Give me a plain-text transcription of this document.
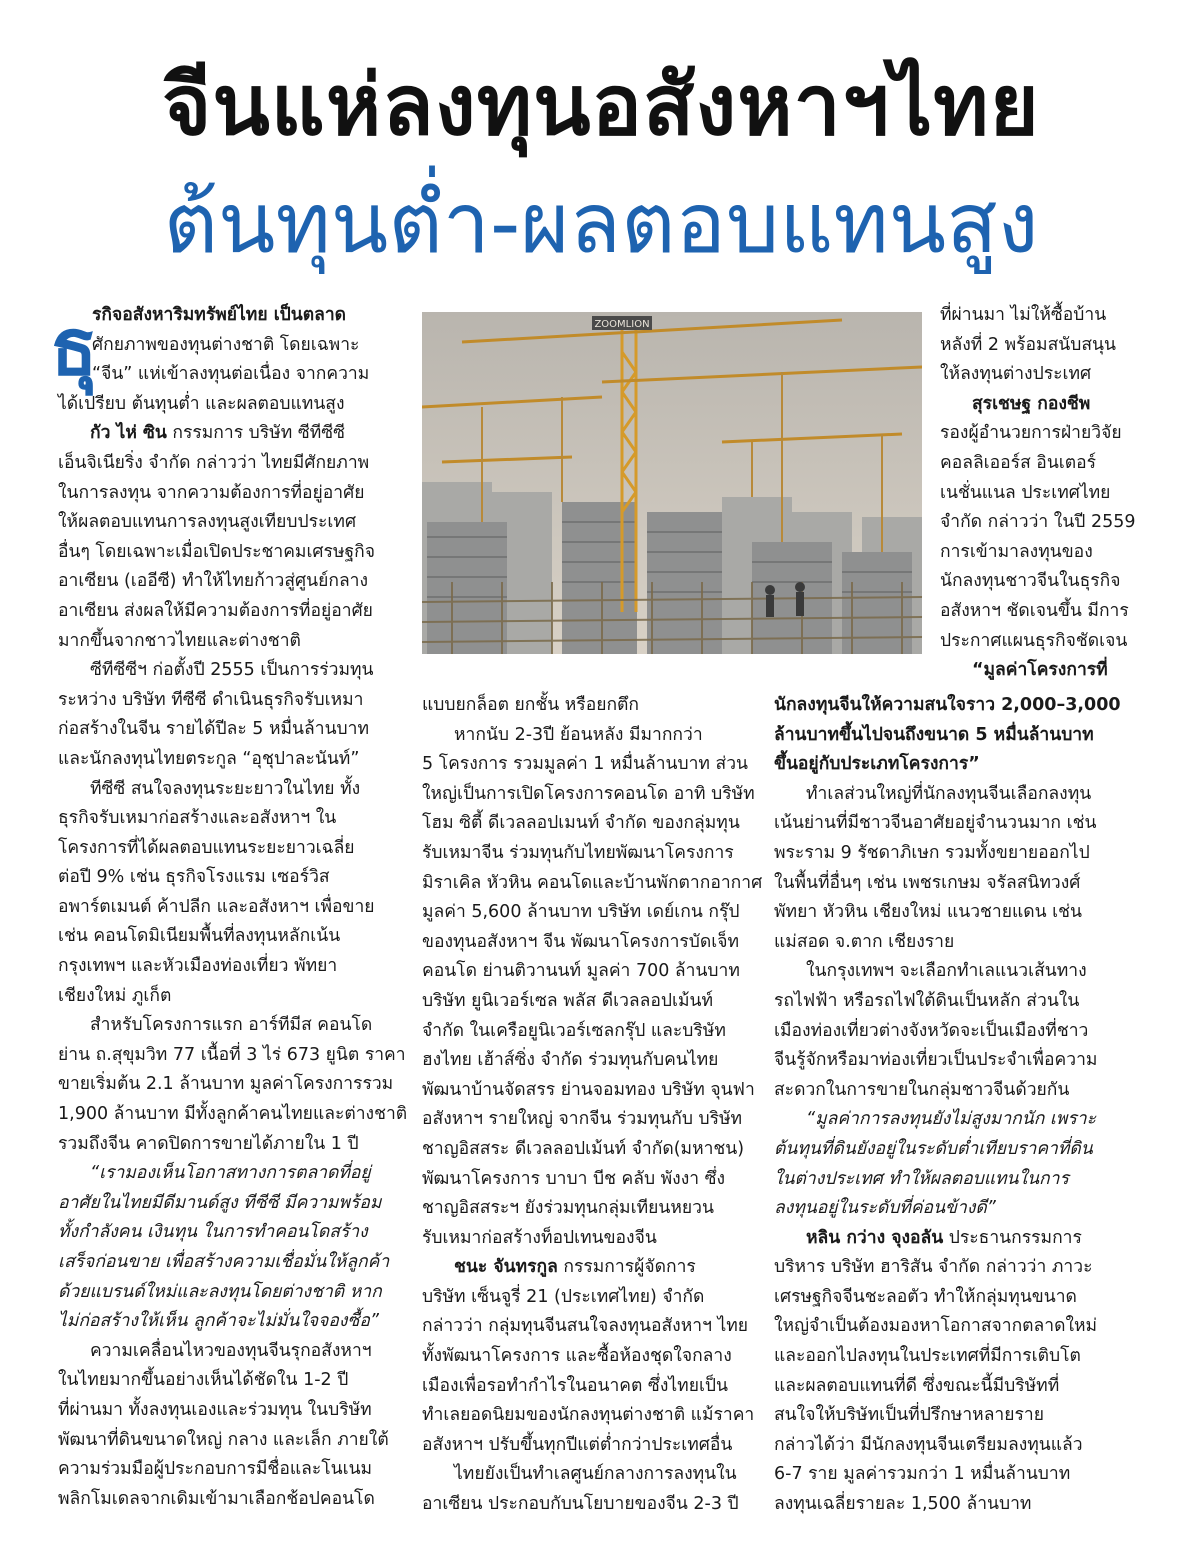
จีนแห่ลงทุนอสังหาฯไทย
ต้นทุนต่ำ-ผลตอบแทนสูง
ธุ

รกิจอสังหาริมทรัพย์ไทย เป็นตลาด

ศักยภาพของทุนต่างชาติ โดยเฉพาะ

“จีน” แห่เข้าลงทุนต่อเนื่อง จากความ

ได้เปรียบ ต้นทุนต่ำ และผลตอบแทนสูง

กัว ไห่ ซิน กรรมการ บริษัท ซีทีซีซี

เอ็นจิเนียริ่ง จำกัด กล่าวว่า ไทยมีศักยภาพ

ในการลงทุน จากความต้องการที่อยู่อาศัย

ให้ผลตอบแทนการลงทุนสูงเทียบประเทศ

อื่นๆ โดยเฉพาะเมื่อเปิดประชาคมเศรษฐกิจ

อาเซียน (เออีซี) ทำให้ไทยก้าวสู่ศูนย์กลาง

อาเซียน ส่งผลให้มีความต้องการที่อยู่อาศัย

มากขึ้นจากชาวไทยและต่างชาติ

ซีทีซีซีฯ ก่อตั้งปี 2555 เป็นการร่วมทุน

ระหว่าง บริษัท ทีซีซี ดำเนินธุรกิจรับเหมา

ก่อสร้างในจีน รายได้ปีละ 5 หมื่นล้านบาท

และนักลงทุนไทยตระกูล “อุชุปาละนันท์”

ทีซีซี สนใจลงทุนระยะยาวในไทย ทั้ง

ธุรกิจรับเหมาก่อสร้างและอสังหาฯ ใน

โครงการที่ได้ผลตอบแทนระยะยาวเฉลี่ย

ต่อปี 9% เช่น ธุรกิจโรงแรม เซอร์วิส

อพาร์ตเมนต์ ค้าปลีก และอสังหาฯ เพื่อขาย

เช่น คอนโดมิเนียมพื้นที่ลงทุนหลักเน้น

กรุงเทพฯ และหัวเมืองท่องเที่ยว พัทยา

เชียงใหม่ ภูเก็ต

สำหรับโครงการแรก อาร์ทีมีส คอนโด

ย่าน ถ.สุขุมวิท 77 เนื้อที่ 3 ไร่ 673 ยูนิต ราคา

ขายเริ่มต้น 2.1 ล้านบาท มูลค่าโครงการรวม

1,900 ล้านบาท มีทั้งลูกค้าคนไทยและต่างชาติ

รวมถึงจีน คาดปิดการขายได้ภายใน 1 ปี

“เรามองเห็นโอกาสทางการตลาดที่อยู่

อาศัยในไทยมีดีมานด์สูง ทีซีซี มีความพร้อม

ทั้งกำลังคน เงินทุน ในการทำคอนโดสร้าง

เสร็จก่อนขาย เพื่อสร้างความเชื่อมั่นให้ลูกค้า

ด้วยแบรนด์ใหม่และลงทุนโดยต่างชาติ หาก

ไม่ก่อสร้างให้เห็น ลูกค้าจะไม่มั่นใจจองซื้อ”

ความเคลื่อนไหวของทุนจีนรุกอสังหาฯ

ในไทยมากขึ้นอย่างเห็นได้ชัดใน 1-2 ปี

ที่ผ่านมา ทั้งลงทุนเองและร่วมทุน ในบริษัท

พัฒนาที่ดินขนาดใหญ่ กลาง และเล็ก ภายใต้

ความร่วมมือผู้ประกอบการมีชื่อและโนเนม

พลิกโมเดลจากเดิมเข้ามาเลือกช้อปคอนโด

ZOOMLION	ที่ผ่านมา ไม่ให้ซื้อบ้าน

หลังที่ 2 พร้อมสนับสนุน

ให้ลงทุนต่างประเทศ

สุรเชษฐ กองชีพ

รองผู้อำนวยการฝ่ายวิจัย

คอลลิเออร์ส อินเตอร์

เนชั่นแนล ประเทศไทย

จำกัด กล่าวว่า ในปี 2559

การเข้ามาลงทุนของ

นักลงทุนชาวจีนในธุรกิจ

อสังหาฯ ชัดเจนขึ้น มีการ

ประกาศแผนธุรกิจชัดเจน

“มูลค่าโครงการที่

แบบยกล็อต ยกชั้น หรือยกตึก

หากนับ 2-3ปี ย้อนหลัง มีมากกว่า

5 โครงการ รวมมูลค่า 1 หมื่นล้านบาท ส่วน

ใหญ่เป็นการเปิดโครงการคอนโด อาทิ บริษัท

โฮม ซิตี้ ดีเวลลอปเมนท์ จำกัด ของกลุ่มทุน

รับเหมาจีน ร่วมทุนกับไทยพัฒนาโครงการ

มิราเคิล หัวหิน คอนโดและบ้านพักตากอากาศ

มูลค่า 5,600 ล้านบาท บริษัท เดย์เกน กรุ๊ป

ของทุนอสังหาฯ จีน พัฒนาโครงการบัดเจ็ท

คอนโด ย่านติวานนท์ มูลค่า 700 ล้านบาท

บริษัท ยูนิเวอร์เซล พลัส ดีเวลลอปเม้นท์

จำกัด ในเครือยูนิเวอร์เซลกรุ๊ป และบริษัท

ฮงไทย เฮ้าส์ซิ่ง จำกัด ร่วมทุนกับคนไทย

พัฒนาบ้านจัดสรร ย่านจอมทอง บริษัท จุนฟา

อสังหาฯ รายใหญ่ จากจีน ร่วมทุนกับ บริษัท

ชาญอิสสระ ดีเวลลอปเม้นท์ จำกัด(มหาชน)

พัฒนาโครงการ บาบา บีช คลับ พังงา ซึ่ง

ชาญอิสสระฯ ยังร่วมทุนกลุ่มเทียนหยวน

รับเหมาก่อสร้างท็อปเทนของจีน

ชนะ จันทรกูล กรรมการผู้จัดการ

บริษัท เซ็นจูรี่ 21 (ประเทศไทย) จำกัด

กล่าวว่า กลุ่มทุนจีนสนใจลงทุนอสังหาฯ ไทย

ทั้งพัฒนาโครงการ และซื้อห้องชุดใจกลาง

เมืองเพื่อรอทำกำไรในอนาคต ซึ่งไทยเป็น

ทำเลยอดนิยมของนักลงทุนต่างชาติ แม้ราคา

อสังหาฯ ปรับขึ้นทุกปีแต่ต่ำกว่าประเทศอื่น

ไทยยังเป็นทำเลศูนย์กลางการลงทุนใน

อาเซียน ประกอบกับนโยบายของจีน 2-3 ปี

นักลงทุนจีนให้ความสนใจราว 2,000–3,000

ล้านบาทขึ้นไปจนถึงขนาด 5 หมื่นล้านบาท

ขึ้นอยู่กับประเภทโครงการ”

ทำเลส่วนใหญ่ที่นักลงทุนจีนเลือกลงทุน

เน้นย่านที่มีชาวจีนอาศัยอยู่จำนวนมาก เช่น

พระราม 9 รัชดาภิเษก รวมทั้งขยายออกไป

ในพื้นที่อื่นๆ เช่น เพชรเกษม จรัลสนิทวงศ์

พัทยา หัวหิน เชียงใหม่ แนวชายแดน เช่น

แม่สอด จ.ตาก เชียงราย

ในกรุงเทพฯ จะเลือกทำเลแนวเส้นทาง

รถไฟฟ้า หรือรถไฟใต้ดินเป็นหลัก ส่วนใน

เมืองท่องเที่ยวต่างจังหวัดจะเป็นเมืองที่ชาว

จีนรู้จักหรือมาท่องเที่ยวเป็นประจำเพื่อความ

สะดวกในการขายในกลุ่มชาวจีนด้วยกัน

“มูลค่าการลงทุนยังไม่สูงมากนัก เพราะ

ต้นทุนที่ดินยังอยู่ในระดับต่ำเทียบราคาที่ดิน

ในต่างประเทศ ทำให้ผลตอบแทนในการ

ลงทุนอยู่ในระดับที่ค่อนข้างดี”

หลิน กว่าง จุงอลัน ประธานกรรมการ

บริหาร บริษัท ฮาริสัน จำกัด กล่าวว่า ภาวะ

เศรษฐกิจจีนชะลอตัว ทำให้กลุ่มทุนขนาด

ใหญ่จำเป็นต้องมองหาโอกาสจากตลาดใหม่

และออกไปลงทุนในประเทศที่มีการเติบโต

และผลตอบแทนที่ดี ซึ่งขณะนี้มีบริษัทที่

สนใจให้บริษัทเป็นที่ปรึกษาหลายราย

กล่าวได้ว่า มีนักลงทุนจีนเตรียมลงทุนแล้ว

6-7 ราย มูลค่ารวมกว่า 1 หมื่นล้านบาท

ลงทุนเฉลี่ยรายละ 1,500 ล้านบาท
